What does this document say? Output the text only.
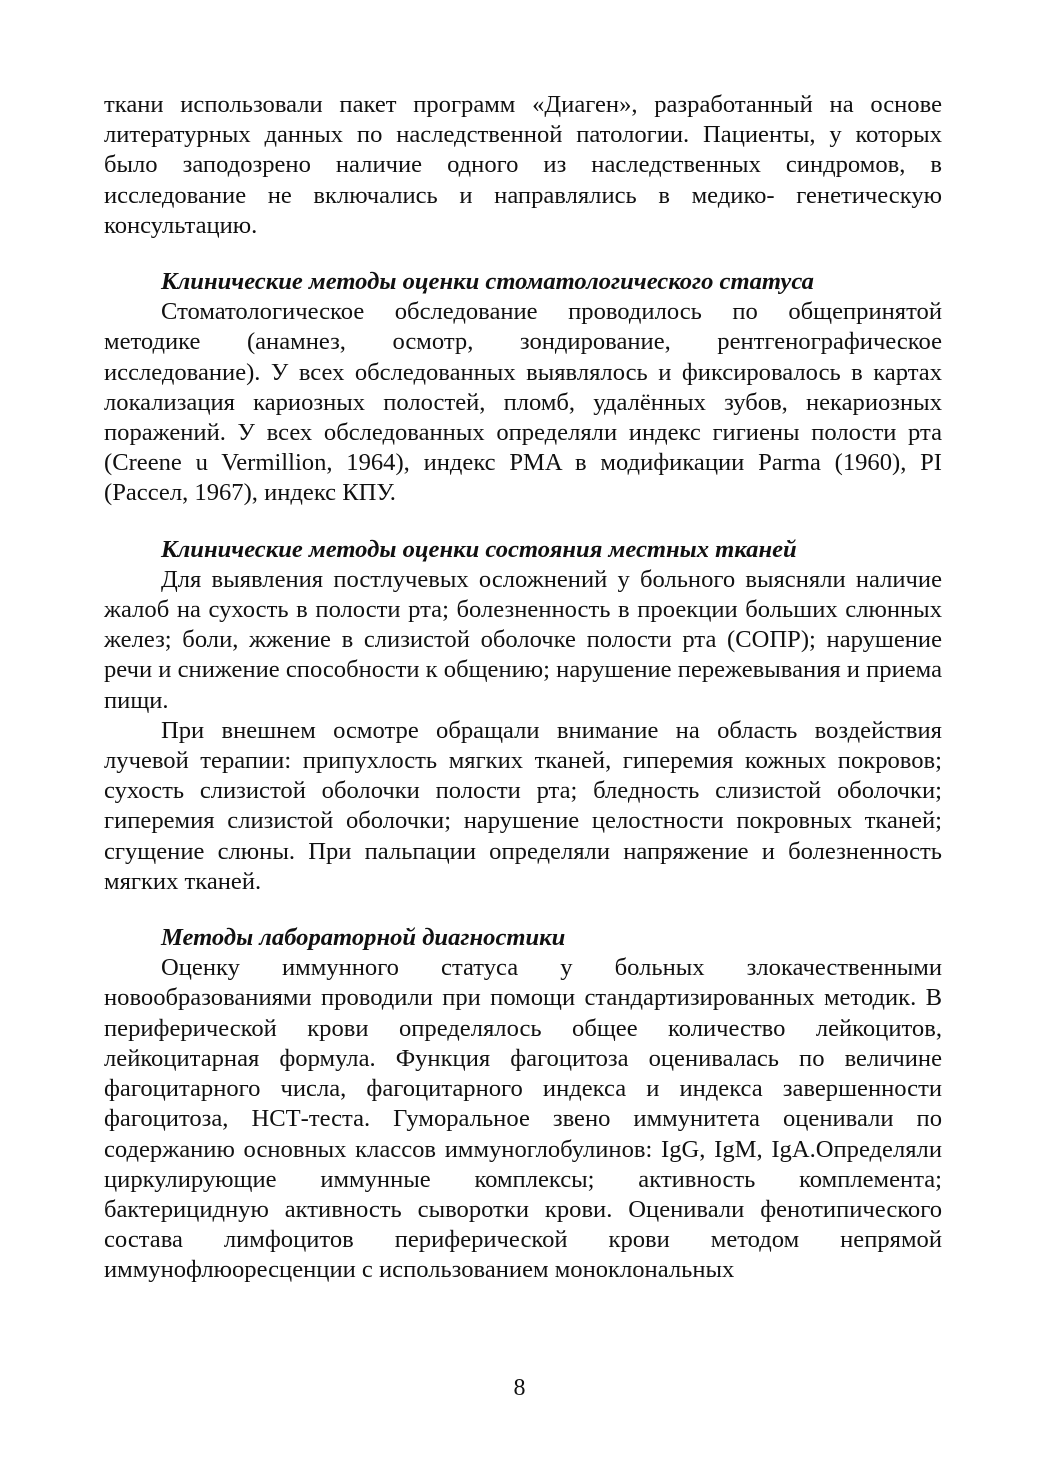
ткани использовали пакет программ «Диаген», разработанный на основе литературных данных по наследственной патологии. Пациенты, у которых было заподозрено наличие одного из наследственных синдромов, в исследование не включались и направлялись в медико- генетическую консультацию.

Клинические методы оценки стоматологического статуса

Стоматологическое обследование проводилось по общепринятой методике (анамнез, осмотр, зондирование, рентгенографическое исследование). У всех обследованных выявлялось и фиксировалось в картах локализация кариозных полостей, пломб, удалённых зубов, некариозных поражений. У всех обследованных определяли индекс гигиены полости рта (Creene u Vermillion, 1964), индекс PMA в модификации Parma (1960), PI (Рассел, 1967), индекс КПУ.

Клинические методы оценки состояния местных тканей

Для выявления постлучевых осложнений у больного выясняли наличие жалоб на сухость в полости рта; болезненность в проекции больших слюнных желез; боли, жжение в слизистой оболочке полости рта (СОПР); нарушение речи и снижение способности к общению; нарушение пережевывания и приема пищи.

При внешнем осмотре обращали внимание на область воздействия лучевой терапии: припухлость мягких тканей, гиперемия кожных покровов; сухость слизистой оболочки полости рта; бледность слизистой оболочки; гиперемия слизистой оболочки; нарушение целостности покровных тканей; сгущение слюны. При пальпации определяли напряжение и болезненность мягких тканей.

Методы лабораторной диагностики

Оценку иммунного статуса у больных злокачественными новообразованиями проводили при помощи стандартизированных методик. В периферической крови определялось общее количество лейкоцитов, лейкоцитарная формула. Функция фагоцитоза оценивалась по величине фагоцитарного числа, фагоцитарного индекса и индекса завершенности фагоцитоза, НСТ-теста. Гуморальное звено иммунитета оценивали по содержанию основных классов иммуноглобулинов: IgG, IgM, IgA.Определяли циркулирующие иммунные комплексы; активность комплемента; бактерицидную активность сыворотки крови. Оценивали фенотипического состава лимфоцитов периферической крови методом непрямой иммунофлюоресценции с использованием моноклональных

8
